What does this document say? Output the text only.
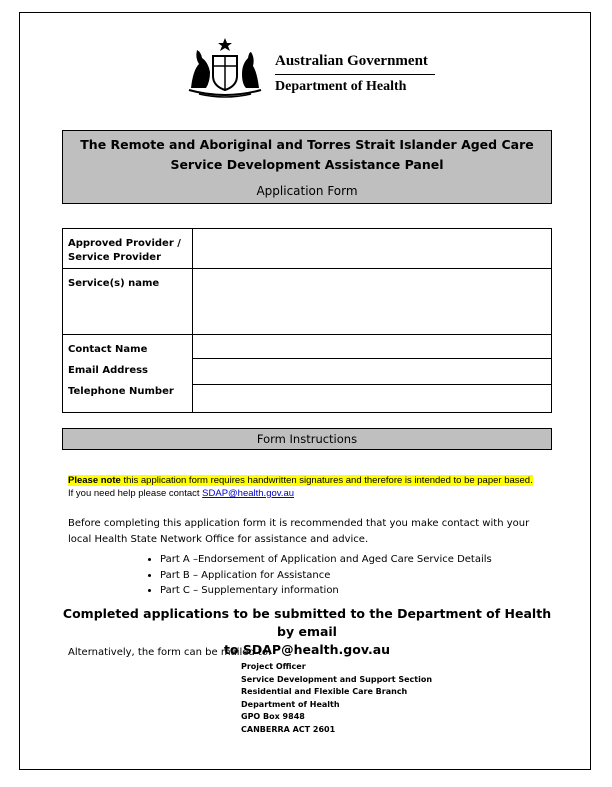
Australian Government
Department of Health
The Remote and Aboriginal and Torres Strait Islander Aged Care
Service Development Assistance Panel
Application Form
Approved Provider /
Service Provider	
Service(s) name	

Contact Name
Email Address
Telephone Number	

Form Instructions
Please note this application form requires handwritten signatures and therefore is intended to be paper based. If you need help please contact SDAP@health.gov.au
Before completing this application form it is recommended that you make contact with your local Health State Network Office for assistance and advice.
• Part A –Endorsement of Application and Aged Care Service Details
• Part B – Application for Assistance
• Part C – Supplementary information
Completed applications to be submitted to the Department of Health by email
to SDAP@health.gov.au
Alternatively, the form can be mailed to:
Project Officer
Service Development and Support Section
Residential and Flexible Care Branch
Department of Health
GPO Box 9848
CANBERRA ACT 2601
